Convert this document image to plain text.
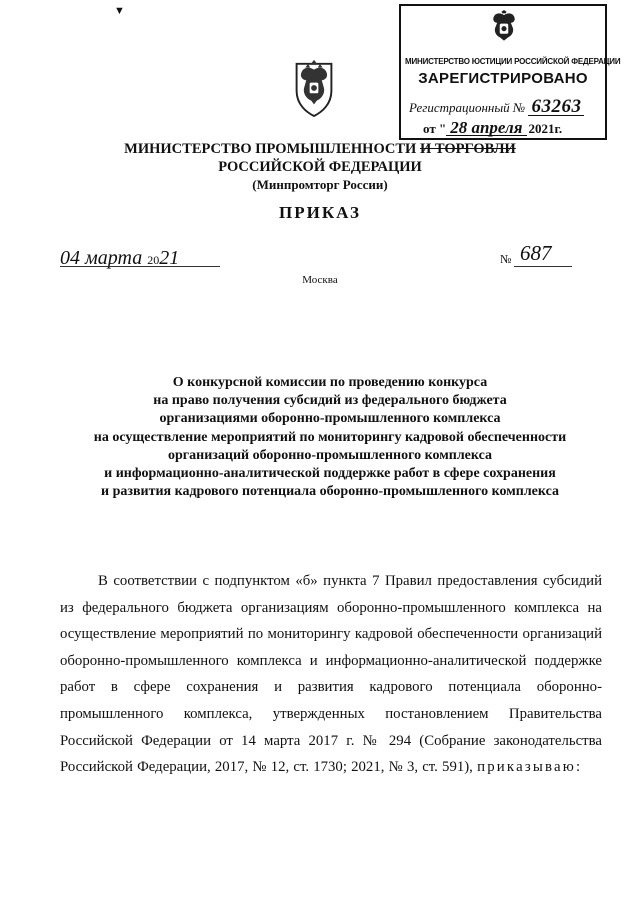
▼
МИНИСТЕРСТВО ЮСТИЦИИ РОССИЙСКОЙ ФЕДЕРАЦИИ
ЗАРЕГИСТРИРОВАНО
Регистрационный № 63263
от " 28 апреля 2021г.
МИНИСТЕРСТВО ПРОМЫШЛЕННОСТИ И ТОРГОВЛИ
РОССИЙСКОЙ ФЕДЕРАЦИИ
(Минпромторг России)
ПРИКАЗ
04 марта 2021	№ 687
Москва
О конкурсной комиссии по проведению конкурса
на право получения субсидий из федерального бюджета
организациями оборонно-промышленного комплекса
на осуществление мероприятий по мониторингу кадровой обеспеченности
организаций оборонно-промышленного комплекса
и информационно-аналитической поддержке работ в сфере сохранения
и развития кадрового потенциала оборонно-промышленного комплекса

В соответствии с подпунктом «б» пункта 7 Правил предоставления субсидий из федерального бюджета организациям оборонно-промышленного комплекса на осуществление мероприятий по мониторингу кадровой обеспеченности организаций оборонно-промышленного комплекса и информационно-аналитической поддержке работ в сфере сохранения и развития кадрового потенциала оборонно-промышленного комплекса, утвержденных постановлением Правительства Российской Федерации от 14 марта 2017 г. № 294 (Собрание законодательства Российской Федерации, 2017, № 12, ст. 1730; 2021, № 3, ст. 591), приказываю:
